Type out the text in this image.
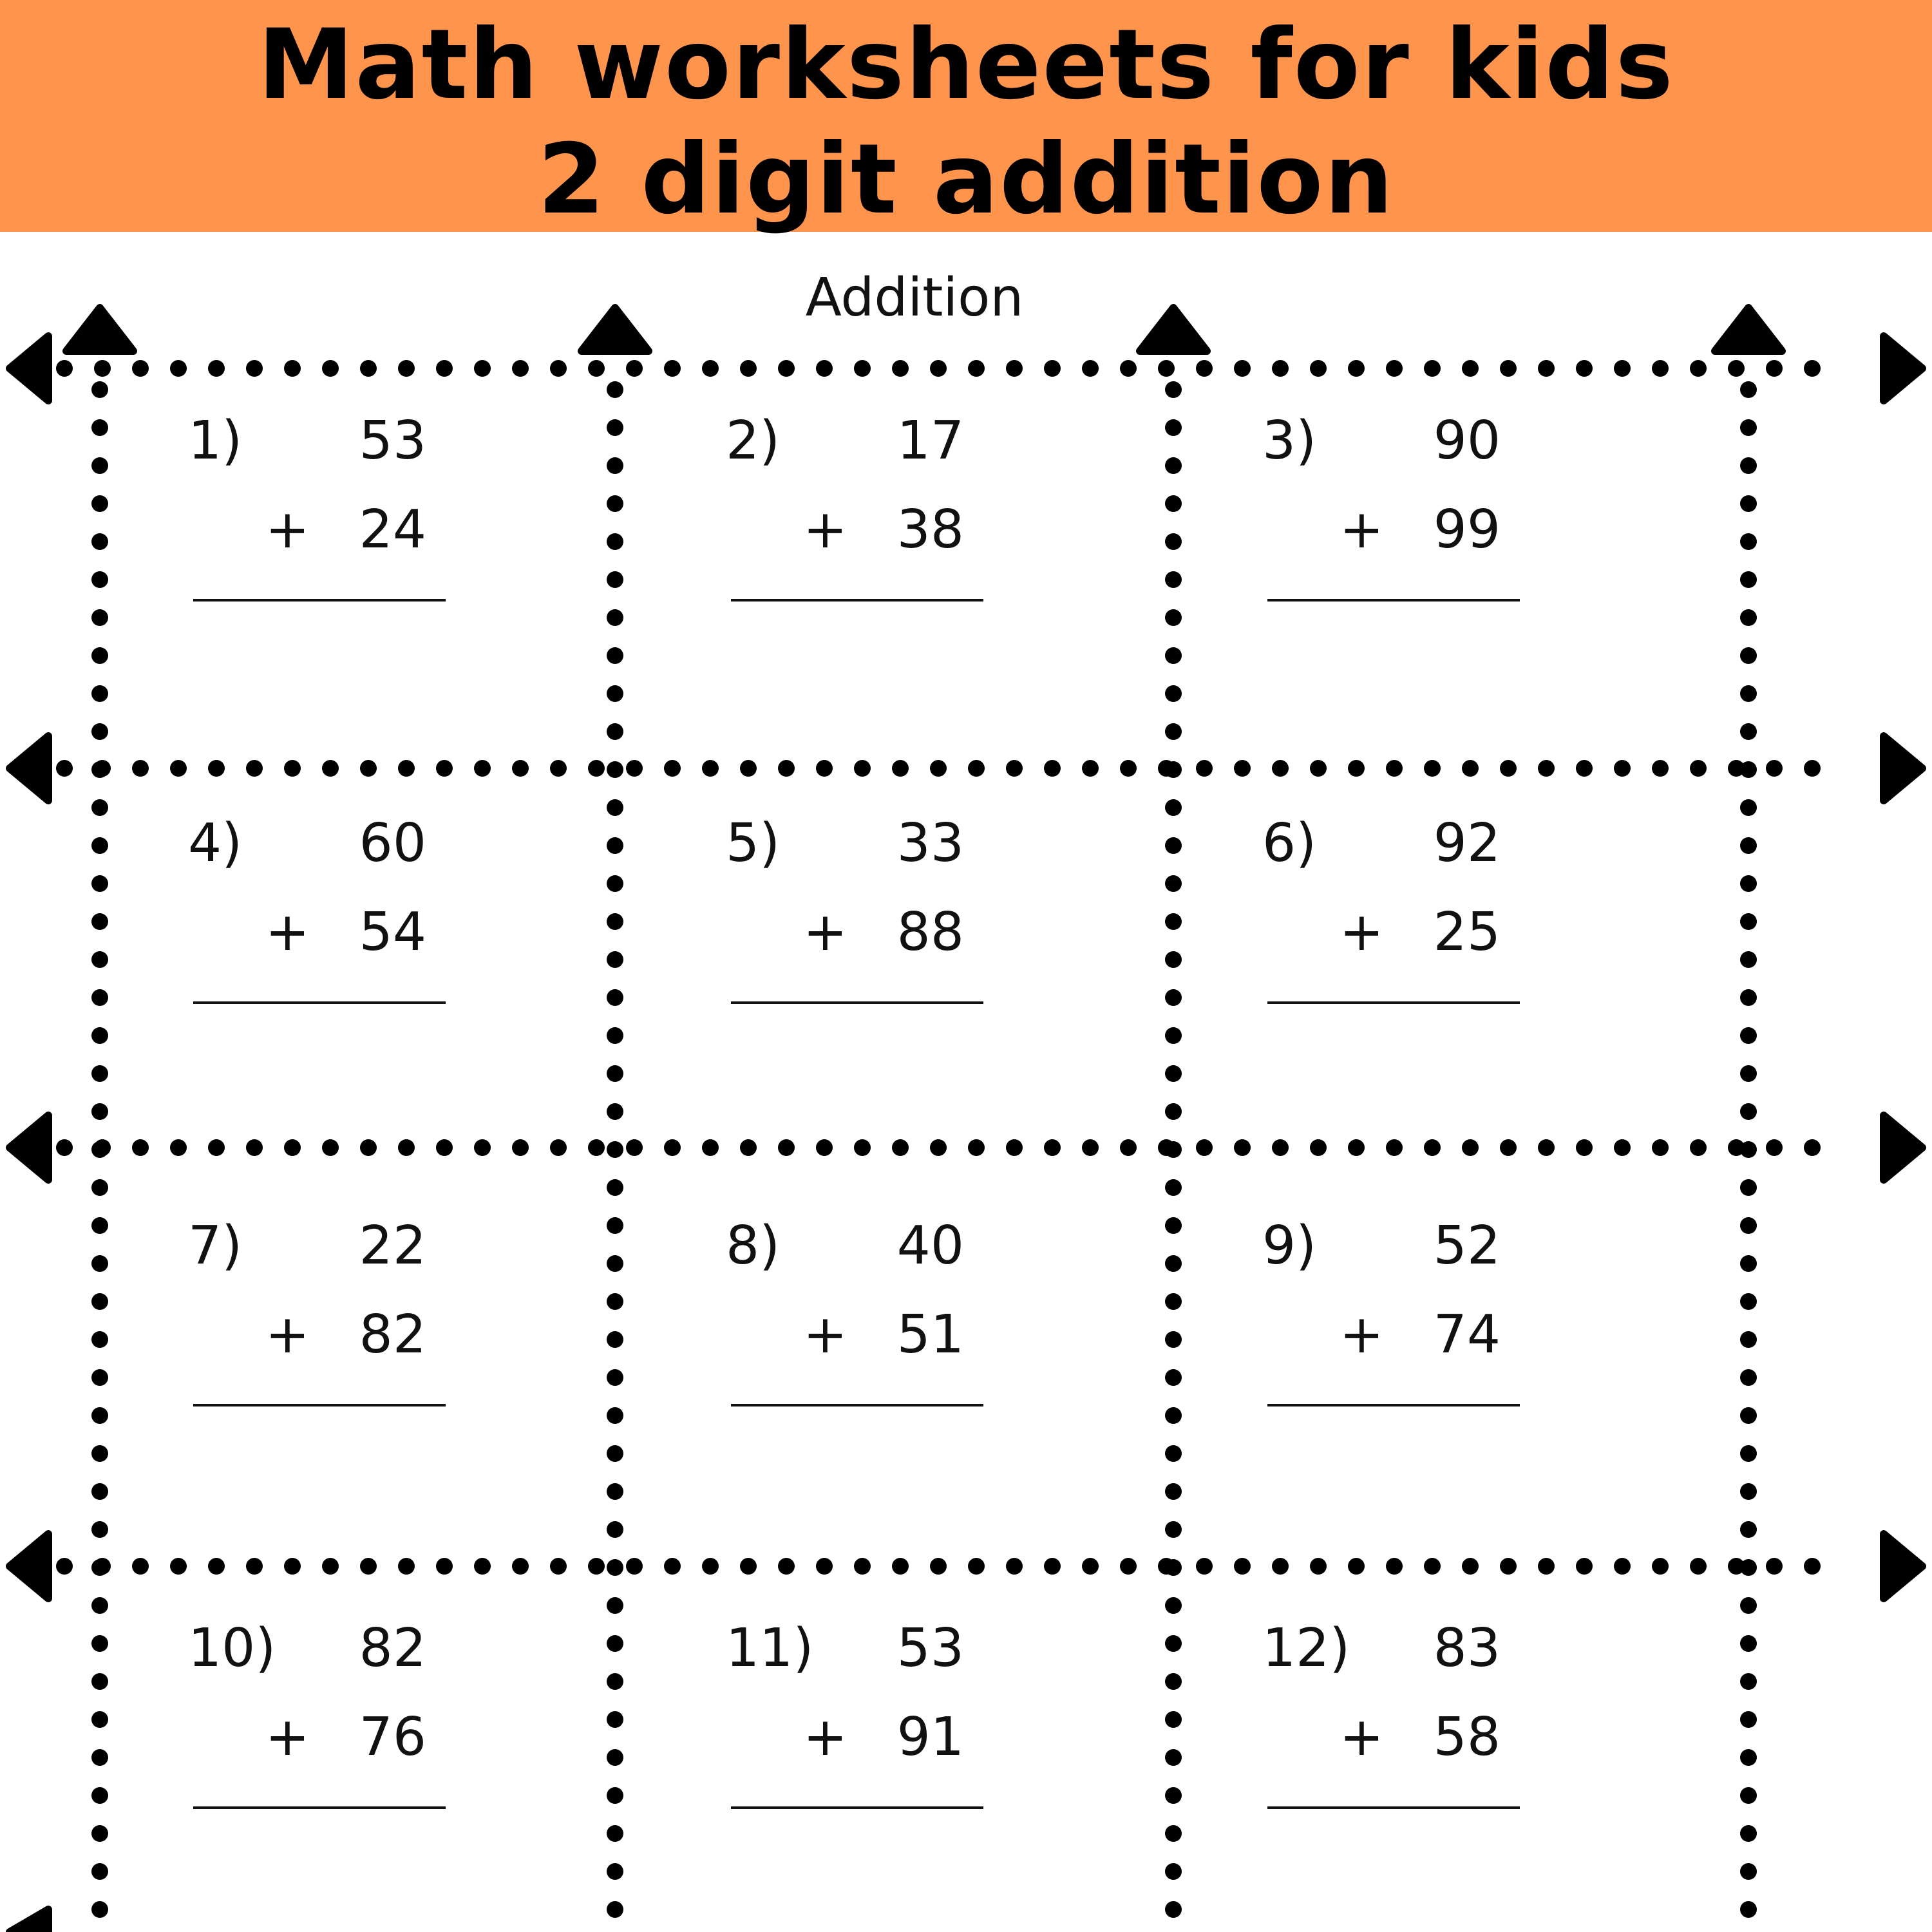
Math worksheets for kids
2 digit addition
Addition
1)	53
+ 24
2)	17
+ 38
3)	90
+ 99
4)	60
+ 54
5)	33
+ 88
6)	92
+ 25
7)	22
+ 82
8)	40
+ 51
9)	52
+ 74
10)	82
+ 76
11)	53
+ 91
12)	83
+ 58
